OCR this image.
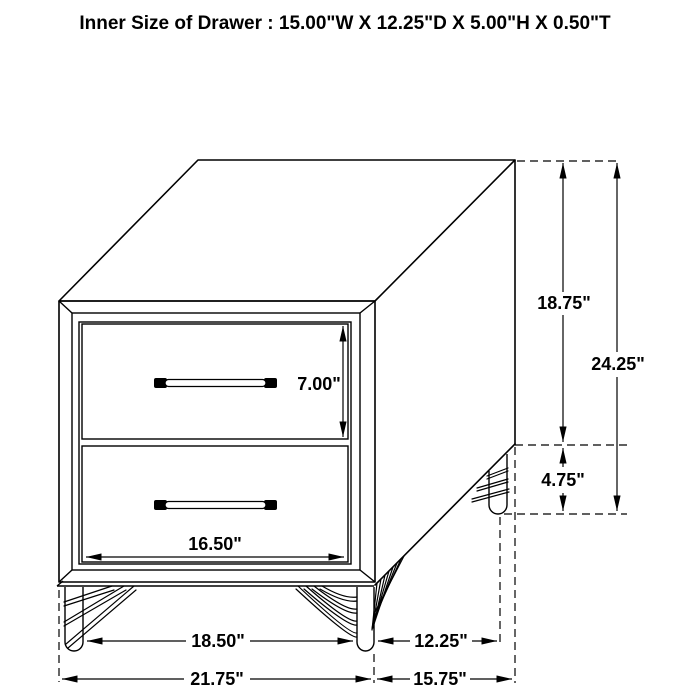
Inner Size of Drawer : 15.00"W X 12.25"D X 5.00"H X 0.50"T
18.75"
24.25"
4.75"
7.00"
16.50"
18.50"	12.25"
21.75"	15.75"
